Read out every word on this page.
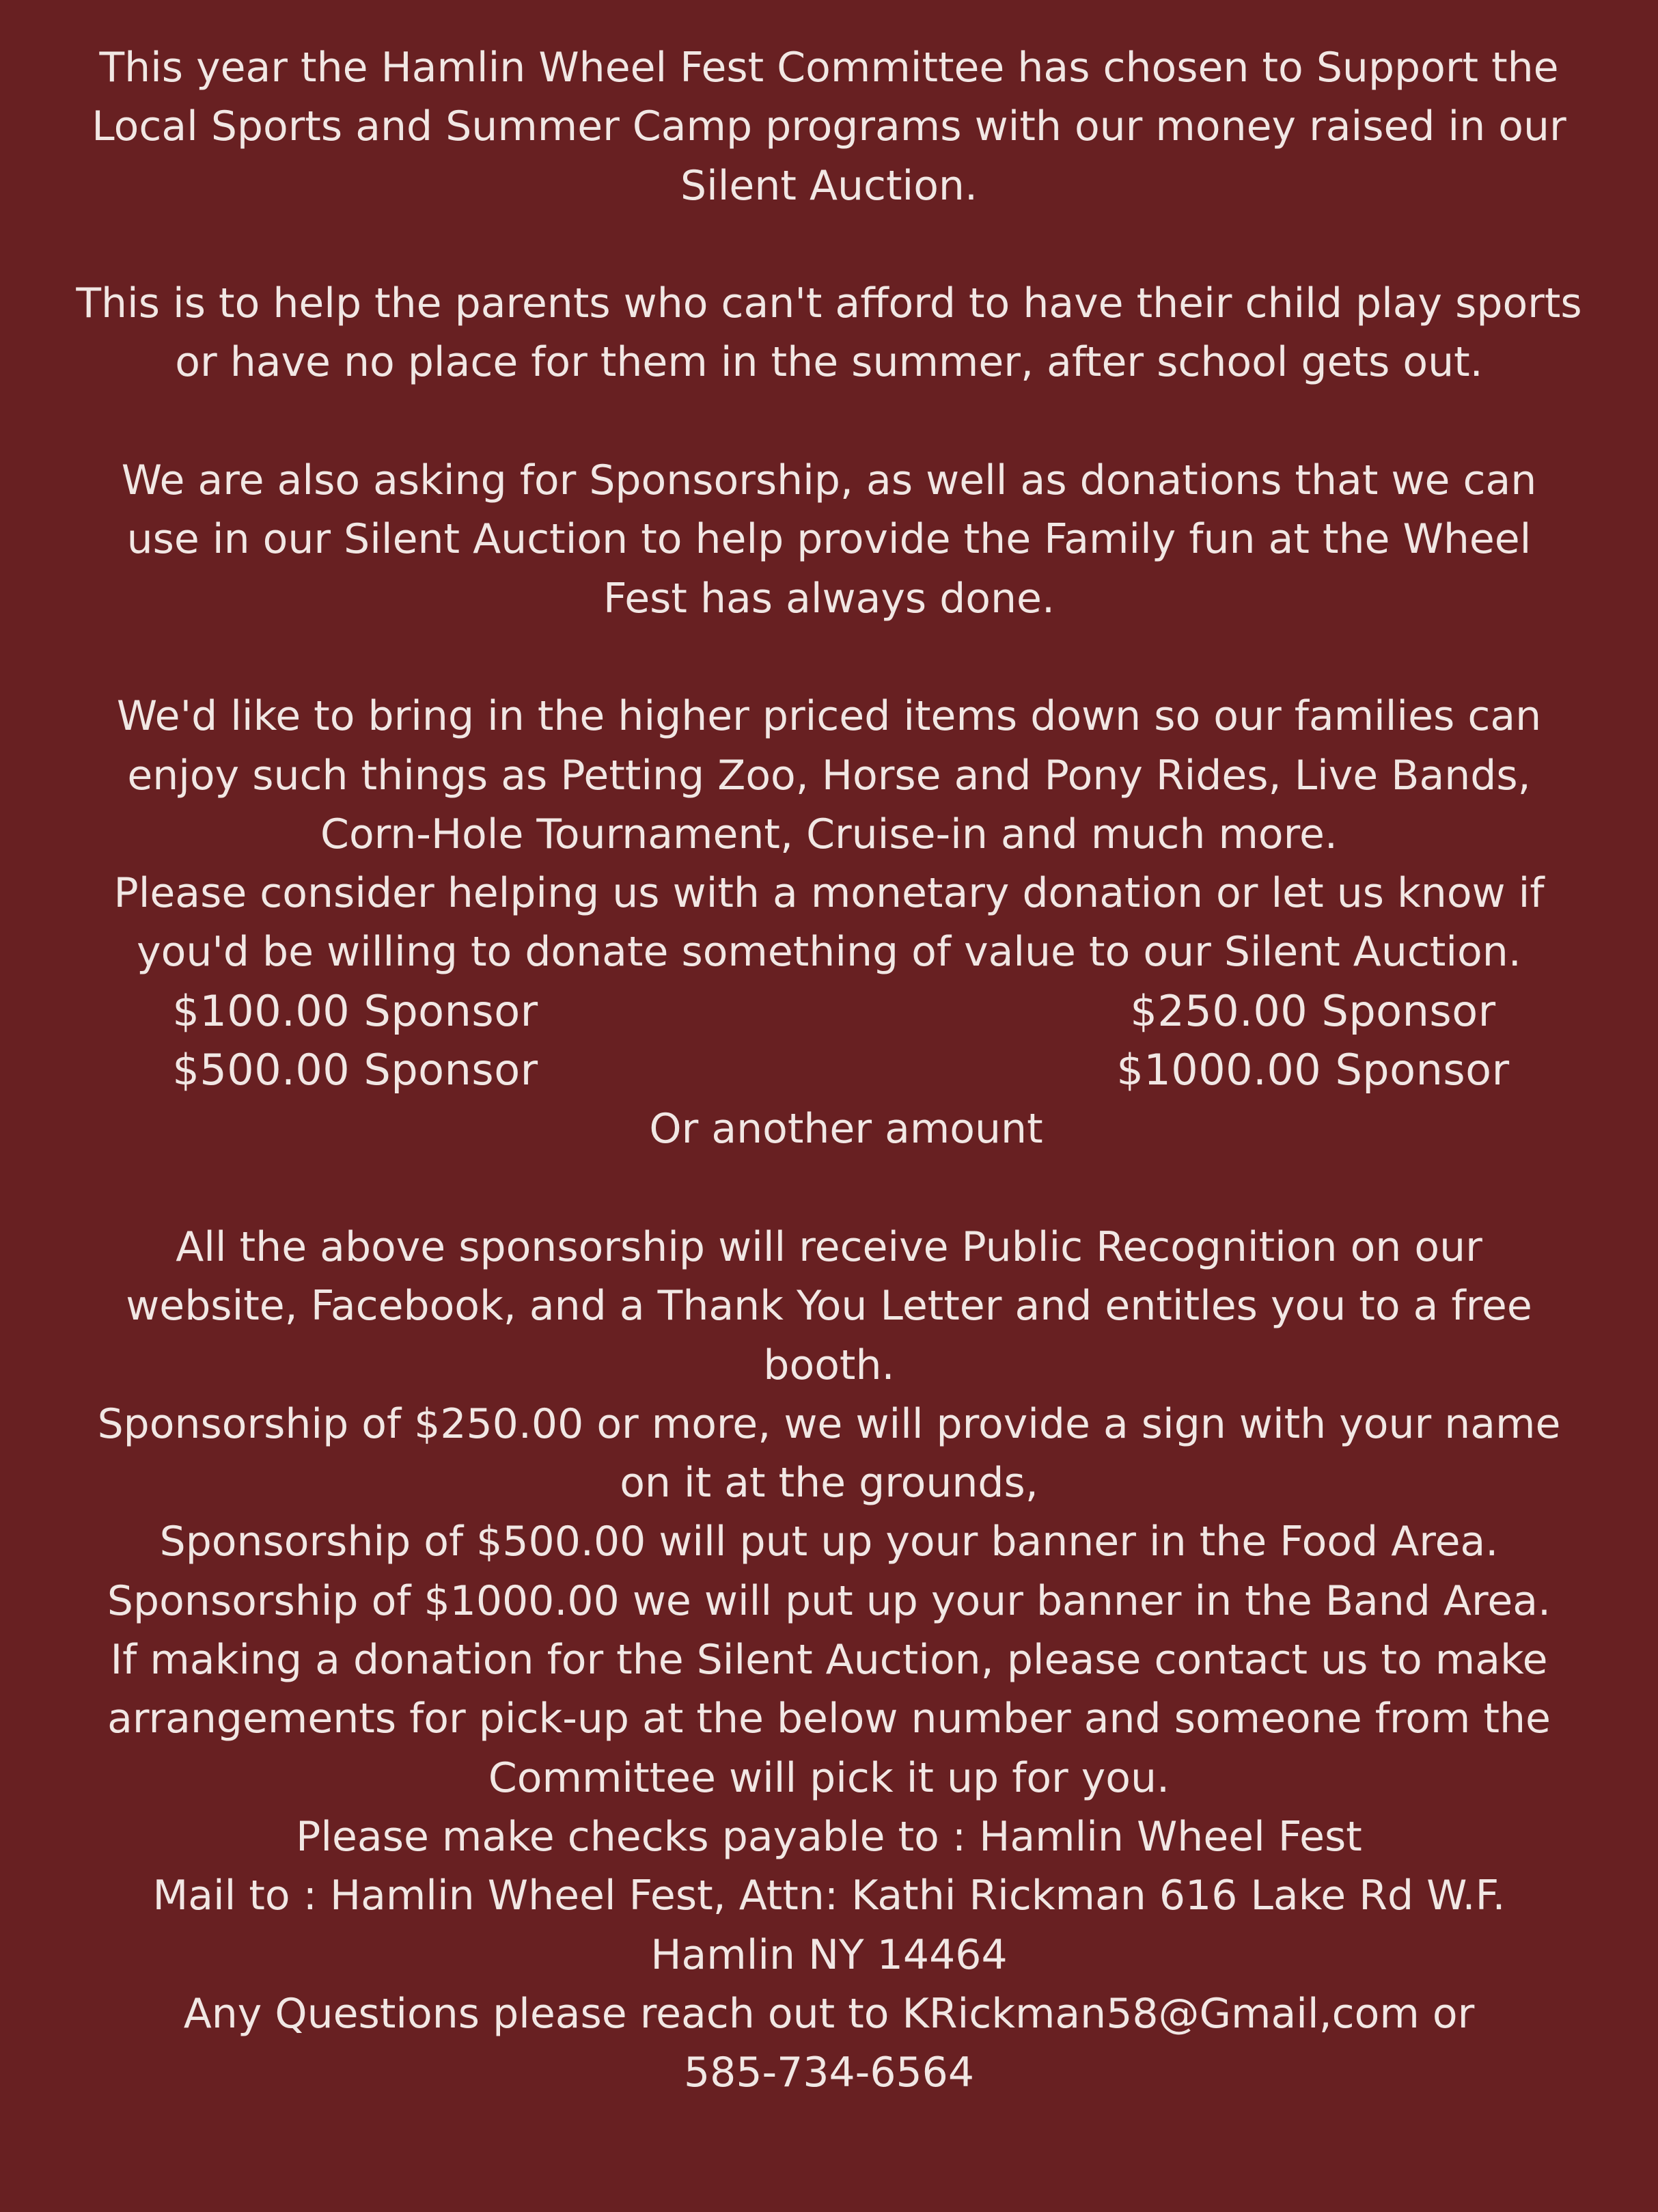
This year the Hamlin Wheel Fest Committee has chosen to Support the
Local Sports and Summer Camp programs with our money raised in our
Silent Auction.
This is to help the parents who can't afford to have their child play sports
or have no place for them in the summer, after school gets out.
We are also asking for Sponsorship, as well as donations that we can
use in our Silent Auction to help provide the Family fun at the Wheel
Fest has always done.
We'd like to bring in the higher priced items down so our families can
enjoy such things as Petting Zoo, Horse and Pony Rides, Live Bands,
Corn-Hole Tournament, Cruise-in and much more.
Please consider helping us with a monetary donation or let us know if
you'd be willing to donate something of value to our Silent Auction.
$100.00 Sponsor	$250.00 Sponsor
$500.00 Sponsor	$1000.00 Sponsor
Or another amount
All the above sponsorship will receive Public Recognition on our
website, Facebook, and a Thank You Letter and entitles you to a free
booth.
Sponsorship of $250.00 or more, we will provide a sign with your name
on it at the grounds,
Sponsorship of $500.00 will put up your banner in the Food Area.
Sponsorship of $1000.00 we will put up your banner in the Band Area.
If making a donation for the Silent Auction, please contact us to make
arrangements for pick-up at the below number and someone from the
Committee will pick it up for you.
Please make checks payable to : Hamlin Wheel Fest
Mail to : Hamlin Wheel Fest, Attn: Kathi Rickman 616 Lake Rd W.F.
Hamlin NY 14464
Any Questions please reach out to KRickman58@Gmail,com or
585-734-6564
